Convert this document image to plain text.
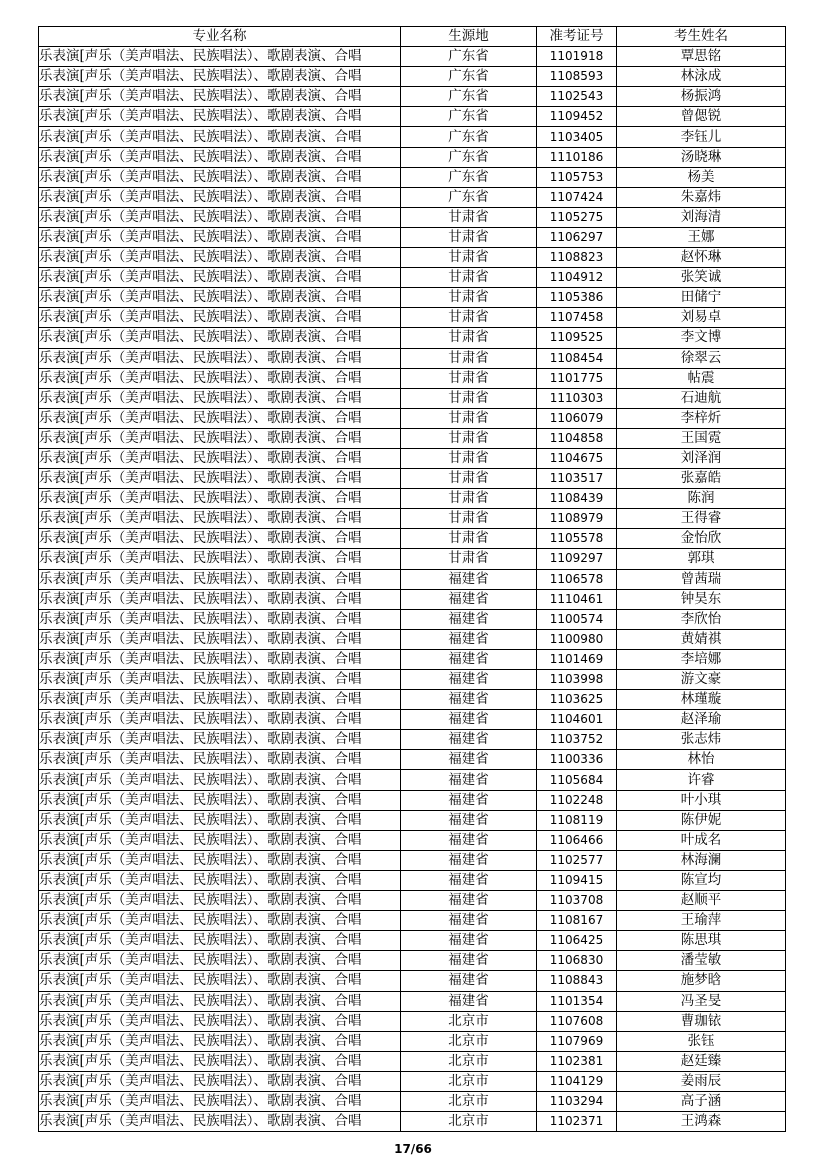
专业名称	生源地	准考证号	考生姓名
乐表演[声乐（美声唱法、民族唱法）、歌剧表演、合唱	广东省	1101918	覃思铭
乐表演[声乐（美声唱法、民族唱法）、歌剧表演、合唱	广东省	1108593	林泳成
乐表演[声乐（美声唱法、民族唱法）、歌剧表演、合唱	广东省	1102543	杨振鸿
乐表演[声乐（美声唱法、民族唱法）、歌剧表演、合唱	广东省	1109452	曾偲锐
乐表演[声乐（美声唱法、民族唱法）、歌剧表演、合唱	广东省	1103405	李钰儿
乐表演[声乐（美声唱法、民族唱法）、歌剧表演、合唱	广东省	1110186	汤晓琳
乐表演[声乐（美声唱法、民族唱法）、歌剧表演、合唱	广东省	1105753	杨美
乐表演[声乐（美声唱法、民族唱法）、歌剧表演、合唱	广东省	1107424	朱嘉炜
乐表演[声乐（美声唱法、民族唱法）、歌剧表演、合唱	甘肃省	1105275	刘海清
乐表演[声乐（美声唱法、民族唱法）、歌剧表演、合唱	甘肃省	1106297	王娜
乐表演[声乐（美声唱法、民族唱法）、歌剧表演、合唱	甘肃省	1108823	赵怀琳
乐表演[声乐（美声唱法、民族唱法）、歌剧表演、合唱	甘肃省	1104912	张笑诚
乐表演[声乐（美声唱法、民族唱法）、歌剧表演、合唱	甘肃省	1105386	田储宁
乐表演[声乐（美声唱法、民族唱法）、歌剧表演、合唱	甘肃省	1107458	刘易卓
乐表演[声乐（美声唱法、民族唱法）、歌剧表演、合唱	甘肃省	1109525	李文博
乐表演[声乐（美声唱法、民族唱法）、歌剧表演、合唱	甘肃省	1108454	徐翠云
乐表演[声乐（美声唱法、民族唱法）、歌剧表演、合唱	甘肃省	1101775	帖震
乐表演[声乐（美声唱法、民族唱法）、歌剧表演、合唱	甘肃省	1110303	石迪航
乐表演[声乐（美声唱法、民族唱法）、歌剧表演、合唱	甘肃省	1106079	李梓炘
乐表演[声乐（美声唱法、民族唱法）、歌剧表演、合唱	甘肃省	1104858	王国霓
乐表演[声乐（美声唱法、民族唱法）、歌剧表演、合唱	甘肃省	1104675	刘泽润
乐表演[声乐（美声唱法、民族唱法）、歌剧表演、合唱	甘肃省	1103517	张嘉皓
乐表演[声乐（美声唱法、民族唱法）、歌剧表演、合唱	甘肃省	1108439	陈润
乐表演[声乐（美声唱法、民族唱法）、歌剧表演、合唱	甘肃省	1108979	王得睿
乐表演[声乐（美声唱法、民族唱法）、歌剧表演、合唱	甘肃省	1105578	金怡欣
乐表演[声乐（美声唱法、民族唱法）、歌剧表演、合唱	甘肃省	1109297	郭琪
乐表演[声乐（美声唱法、民族唱法）、歌剧表演、合唱	福建省	1106578	曾茜瑞
乐表演[声乐（美声唱法、民族唱法）、歌剧表演、合唱	福建省	1110461	钟昊东
乐表演[声乐（美声唱法、民族唱法）、歌剧表演、合唱	福建省	1100574	李欣怡
乐表演[声乐（美声唱法、民族唱法）、歌剧表演、合唱	福建省	1100980	黄婧祺
乐表演[声乐（美声唱法、民族唱法）、歌剧表演、合唱	福建省	1101469	李培娜
乐表演[声乐（美声唱法、民族唱法）、歌剧表演、合唱	福建省	1103998	游文豪
乐表演[声乐（美声唱法、民族唱法）、歌剧表演、合唱	福建省	1103625	林瑾璇
乐表演[声乐（美声唱法、民族唱法）、歌剧表演、合唱	福建省	1104601	赵泽瑜
乐表演[声乐（美声唱法、民族唱法）、歌剧表演、合唱	福建省	1103752	张志炜
乐表演[声乐（美声唱法、民族唱法）、歌剧表演、合唱	福建省	1100336	林怡
乐表演[声乐（美声唱法、民族唱法）、歌剧表演、合唱	福建省	1105684	许睿
乐表演[声乐（美声唱法、民族唱法）、歌剧表演、合唱	福建省	1102248	叶小琪
乐表演[声乐（美声唱法、民族唱法）、歌剧表演、合唱	福建省	1108119	陈伊妮
乐表演[声乐（美声唱法、民族唱法）、歌剧表演、合唱	福建省	1106466	叶成名
乐表演[声乐（美声唱法、民族唱法）、歌剧表演、合唱	福建省	1102577	林海澜
乐表演[声乐（美声唱法、民族唱法）、歌剧表演、合唱	福建省	1109415	陈宣均
乐表演[声乐（美声唱法、民族唱法）、歌剧表演、合唱	福建省	1103708	赵顺平
乐表演[声乐（美声唱法、民族唱法）、歌剧表演、合唱	福建省	1108167	王瑜萍
乐表演[声乐（美声唱法、民族唱法）、歌剧表演、合唱	福建省	1106425	陈思琪
乐表演[声乐（美声唱法、民族唱法）、歌剧表演、合唱	福建省	1106830	潘莹敏
乐表演[声乐（美声唱法、民族唱法）、歌剧表演、合唱	福建省	1108843	施梦晗
乐表演[声乐（美声唱法、民族唱法）、歌剧表演、合唱	福建省	1101354	冯圣旻
乐表演[声乐（美声唱法、民族唱法）、歌剧表演、合唱	北京市	1107608	曹珈铱
乐表演[声乐（美声唱法、民族唱法）、歌剧表演、合唱	北京市	1107969	张钰
乐表演[声乐（美声唱法、民族唱法）、歌剧表演、合唱	北京市	1102381	赵廷臻
乐表演[声乐（美声唱法、民族唱法）、歌剧表演、合唱	北京市	1104129	姜雨辰
乐表演[声乐（美声唱法、民族唱法）、歌剧表演、合唱	北京市	1103294	高子涵
乐表演[声乐（美声唱法、民族唱法）、歌剧表演、合唱	北京市	1102371	王鸿森
17/66
